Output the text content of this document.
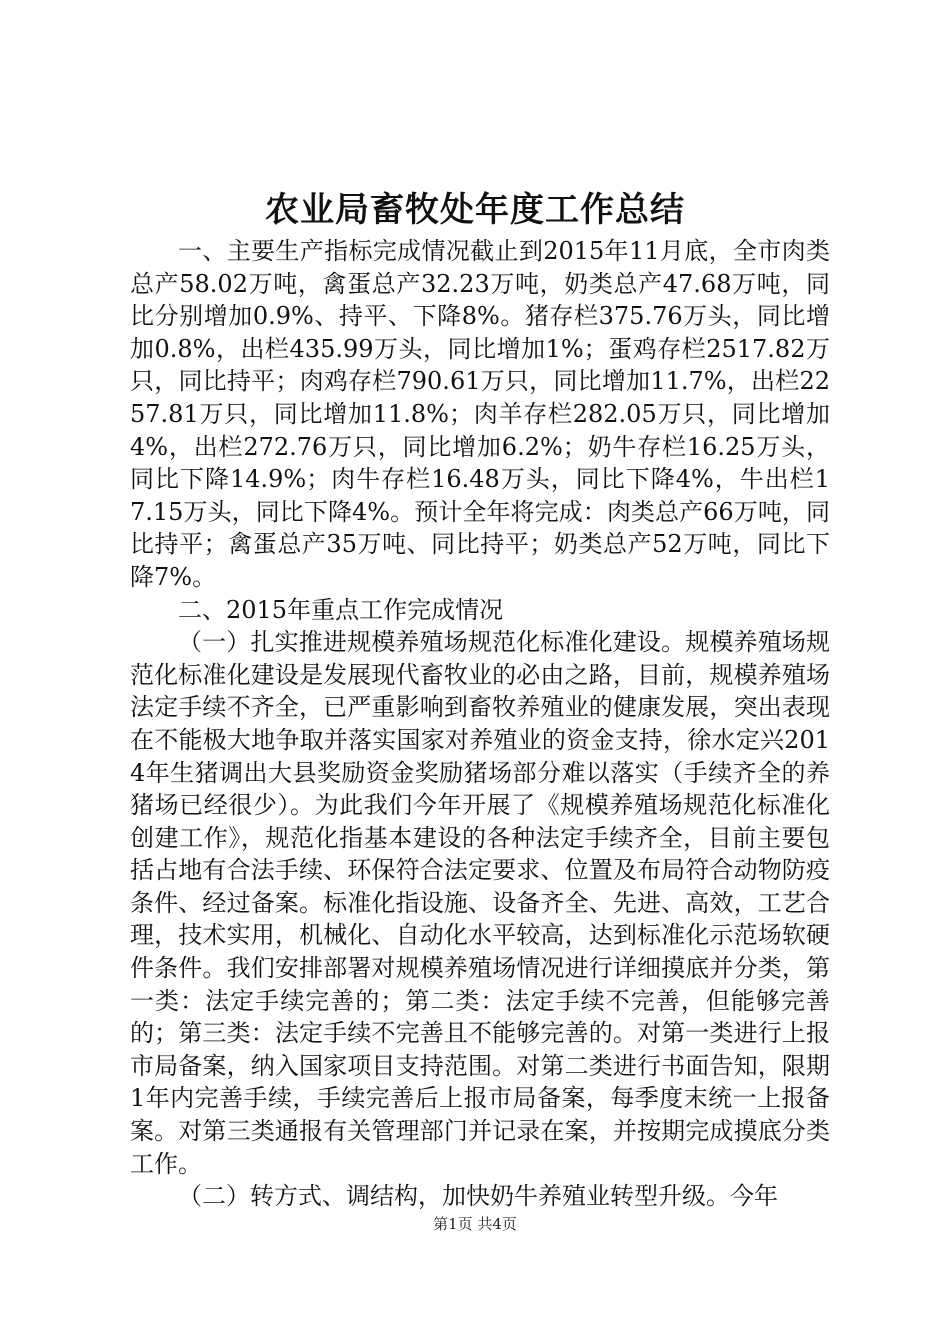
农业局畜牧处年度工作总结

一、主要生产指标完成情况截止到2015年11月底，全市肉类总产58.02万吨，禽蛋总产32.23万吨，奶类总产47.68万吨，同比分别增加0.9%、持平、下降8%。猪存栏375.76万头，同比增加0.8%，出栏435.99万头，同比增加1%；蛋鸡存栏2517.82万只，同比持平；肉鸡存栏790.61万只，同比增加11.7%，出栏2257.81万只，同比增加11.8%；肉羊存栏282.05万只，同比增加4%，出栏272.76万只，同比增加6.2%；奶牛存栏16.25万头，同比下降14.9%；肉牛存栏16.48万头，同比下降4%，牛出栏17.15万头，同比下降4%。预计全年将完成：肉类总产66万吨，同比持平；禽蛋总产35万吨、同比持平；奶类总产52万吨，同比下降7%。

二、2015年重点工作完成情况

（一）扎实推进规模养殖场规范化标准化建设。规模养殖场规范化标准化建设是发展现代畜牧业的必由之路，目前，规模养殖场法定手续不齐全，已严重影响到畜牧养殖业的健康发展，突出表现在不能极大地争取并落实国家对养殖业的资金支持，徐水定兴2014年生猪调出大县奖励资金奖励猪场部分难以落实（手续齐全的养猪场已经很少）。为此我们今年开展了《规模养殖场规范化标准化创建工作》，规范化指基本建设的各种法定手续齐全，目前主要包括占地有合法手续、环保符合法定要求、位置及布局符合动物防疫条件、经过备案。标准化指设施、设备齐全、先进、高效，工艺合理，技术实用，机械化、自动化水平较高，达到标准化示范场软硬件条件。我们安排部署对规模养殖场情况进行详细摸底并分类，第一类：法定手续完善的；第二类：法定手续不完善，但能够完善的；第三类：法定手续不完善且不能够完善的。对第一类进行上报市局备案，纳入国家项目支持范围。对第二类进行书面告知，限期1年内完善手续，手续完善后上报市局备案，每季度末统一上报备案。对第三类通报有关管理部门并记录在案，并按期完成摸底分类工作。

（二）转方式、调结构，加快奶牛养殖业转型升级。今年

第1页 共4页
